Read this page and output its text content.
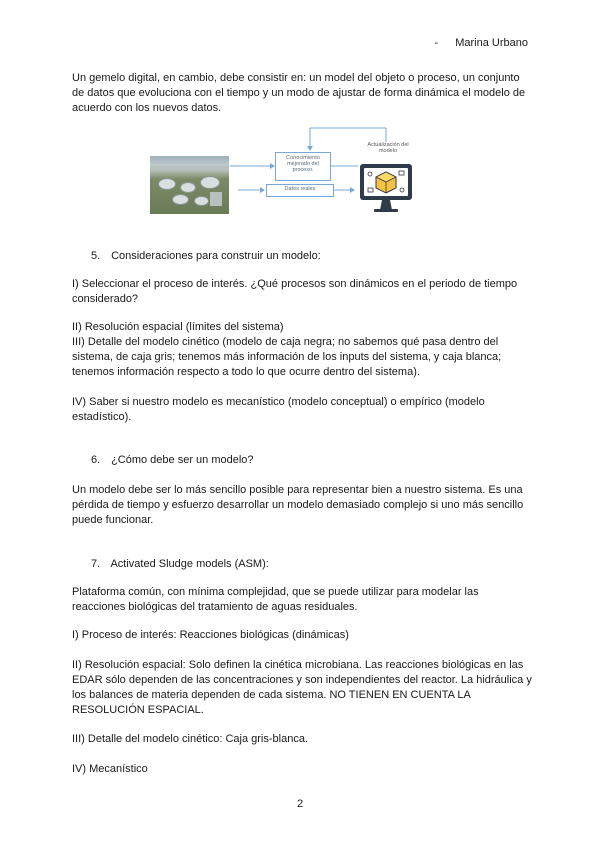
- Marina Urbano
Un gemelo digital, en cambio, debe consistir en: un model del objeto o proceso, un conjunto de datos que evoluciona con el tiempo y un modo de ajustar de forma dinámica el modelo de acuerdo con los nuevos datos.
Conocimiento mejorado del proceso.
Datos reales
Actualización del modelo
5. Consideraciones para construir un modelo:
I) Seleccionar el proceso de interés. ¿Qué procesos son dinámicos en el periodo de tiempo considerado?
II) Resolución espacial (límites del sistema)
III) Detalle del modelo cinético (modelo de caja negra; no sabemos qué pasa dentro del sistema, de caja gris; tenemos más información de los inputs del sistema, y caja blanca; tenemos información respecto a todo lo que ocurre dentro del sistema).
IV) Saber si nuestro modelo es mecanístico (modelo conceptual) o empírico (modelo estadístico).
6. ¿Cómo debe ser un modelo?
Un modelo debe ser lo más sencillo posible para representar bien a nuestro sistema. Es una pérdida de tiempo y esfuerzo desarrollar un modelo demasiado complejo si uno más sencillo puede funcionar.
7. Activated Sludge models (ASM):
Plataforma común, con mínima complejidad, que se puede utilizar para modelar las reacciones biológicas del tratamiento de aguas residuales.
I) Proceso de interés: Reacciones biológicas (dinámicas)
II) Resolución espacial: Solo definen la cinética microbiana. Las reacciones biológicas en las EDAR sólo dependen de las concentraciones y son independientes del reactor. La hidráulica y los balances de materia dependen de cada sistema. NO TIENEN EN CUENTA LA RESOLUCIÓN ESPACIAL.
III) Detalle del modelo cinético: Caja gris-blanca.
IV) Mecanístico
2
